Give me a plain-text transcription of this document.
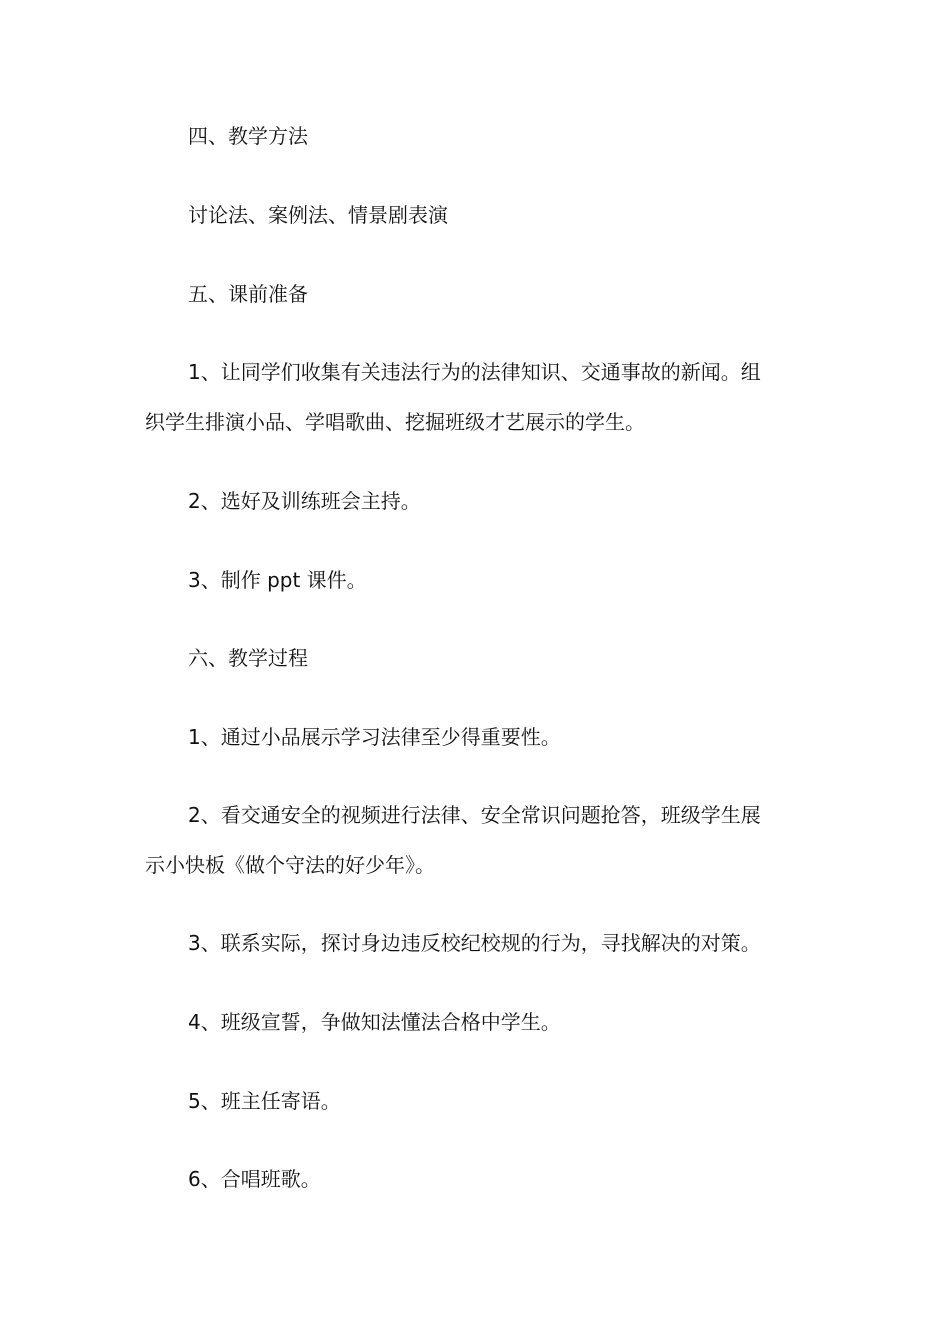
四、教学方法
讨论法、案例法、情景剧表演
五、课前准备
1、让同学们收集有关违法行为的法律知识、交通事故的新闻。组
织学生排演小品、学唱歌曲、挖掘班级才艺展示的学生。
2、选好及训练班会主持。
3、制作 ppt 课件。
六、教学过程
1、通过小品展示学习法律至少得重要性。
2、看交通安全的视频进行法律、安全常识问题抢答，班级学生展
示小快板《做个守法的好少年》。
3、联系实际，探讨身边违反校纪校规的行为，寻找解决的对策。
4、班级宣誓，争做知法懂法合格中学生。
5、班主任寄语。
6、合唱班歌。
